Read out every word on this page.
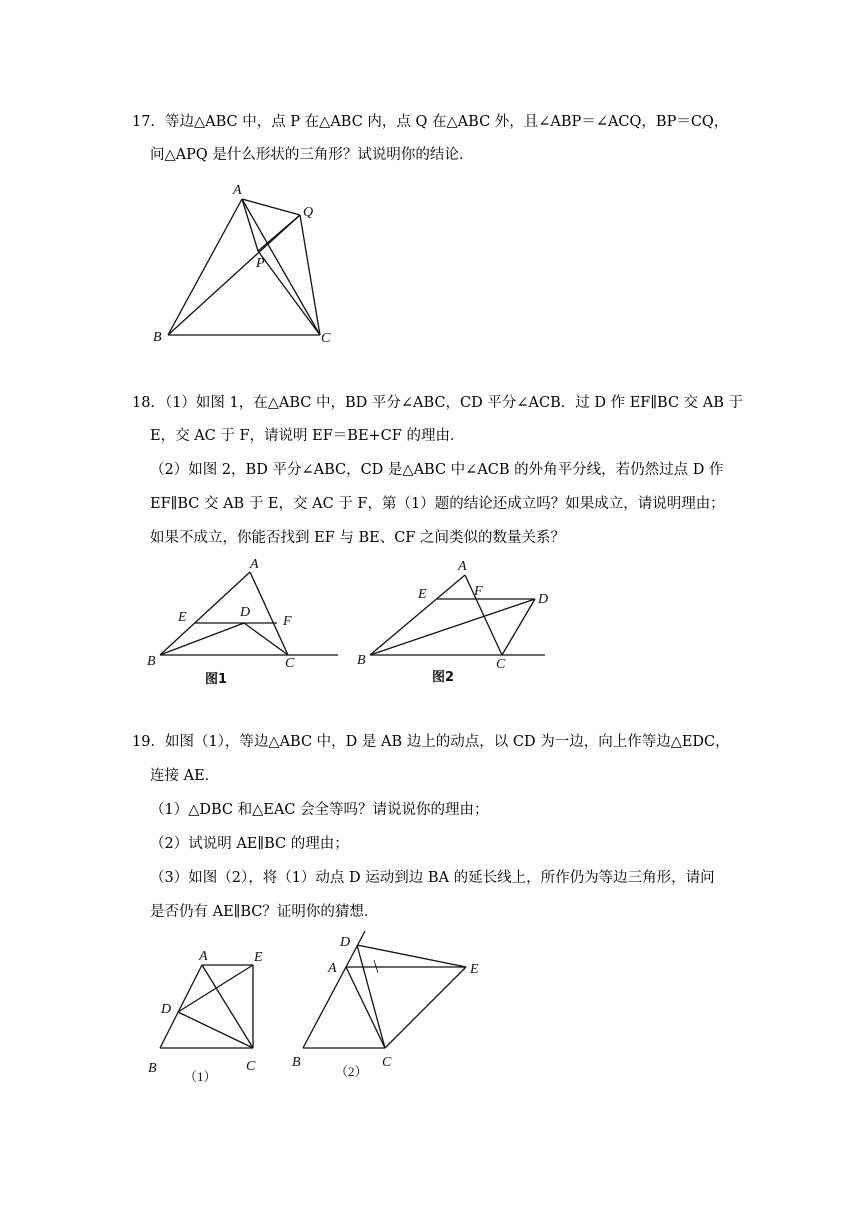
17．等边△ABC 中，点 P 在△ABC 内，点 Q 在△ABC 外，且∠ABP＝∠ACQ，BP＝CQ，
问△APQ 是什么形状的三角形？试说明你的结论．
A
Q
P
B	C
18．（1）如图 1，在△ABC 中，BD 平分∠ABC，CD 平分∠ACB．过 D 作 EF∥BC 交 AB 于
E，交 AC 于 F，请说明 EF＝BE+CF 的理由．
（2）如图 2，BD 平分∠ABC，CD 是△ABC 中∠ACB 的外角平分线，若仍然过点 D 作
EF∥BC 交 AB 于 E，交 AC 于 F，第（1）题的结论还成立吗？如果成立，请说明理由；
如果不成立，你能否找到 EF 与 BE、CF 之间类似的数量关系？
A
E	D
F
B	C
图1
A
E	F
D
B	C
图2
19．如图（1），等边△ABC 中，D 是 AB 边上的动点，以 CD 为一边，向上作等边△EDC，
连接 AE．
（1）△DBC 和△EAC 会全等吗？请说说你的理由；
（2）试说明 AE∥BC 的理由；
（3）如图（2），将（1）动点 D 运动到边 BA 的延长线上，所作仍为等边三角形，请问
是否仍有 AE∥BC？证明你的猜想．
A	E
D
B	C
（1）
D
A	E
B	C
（2）
